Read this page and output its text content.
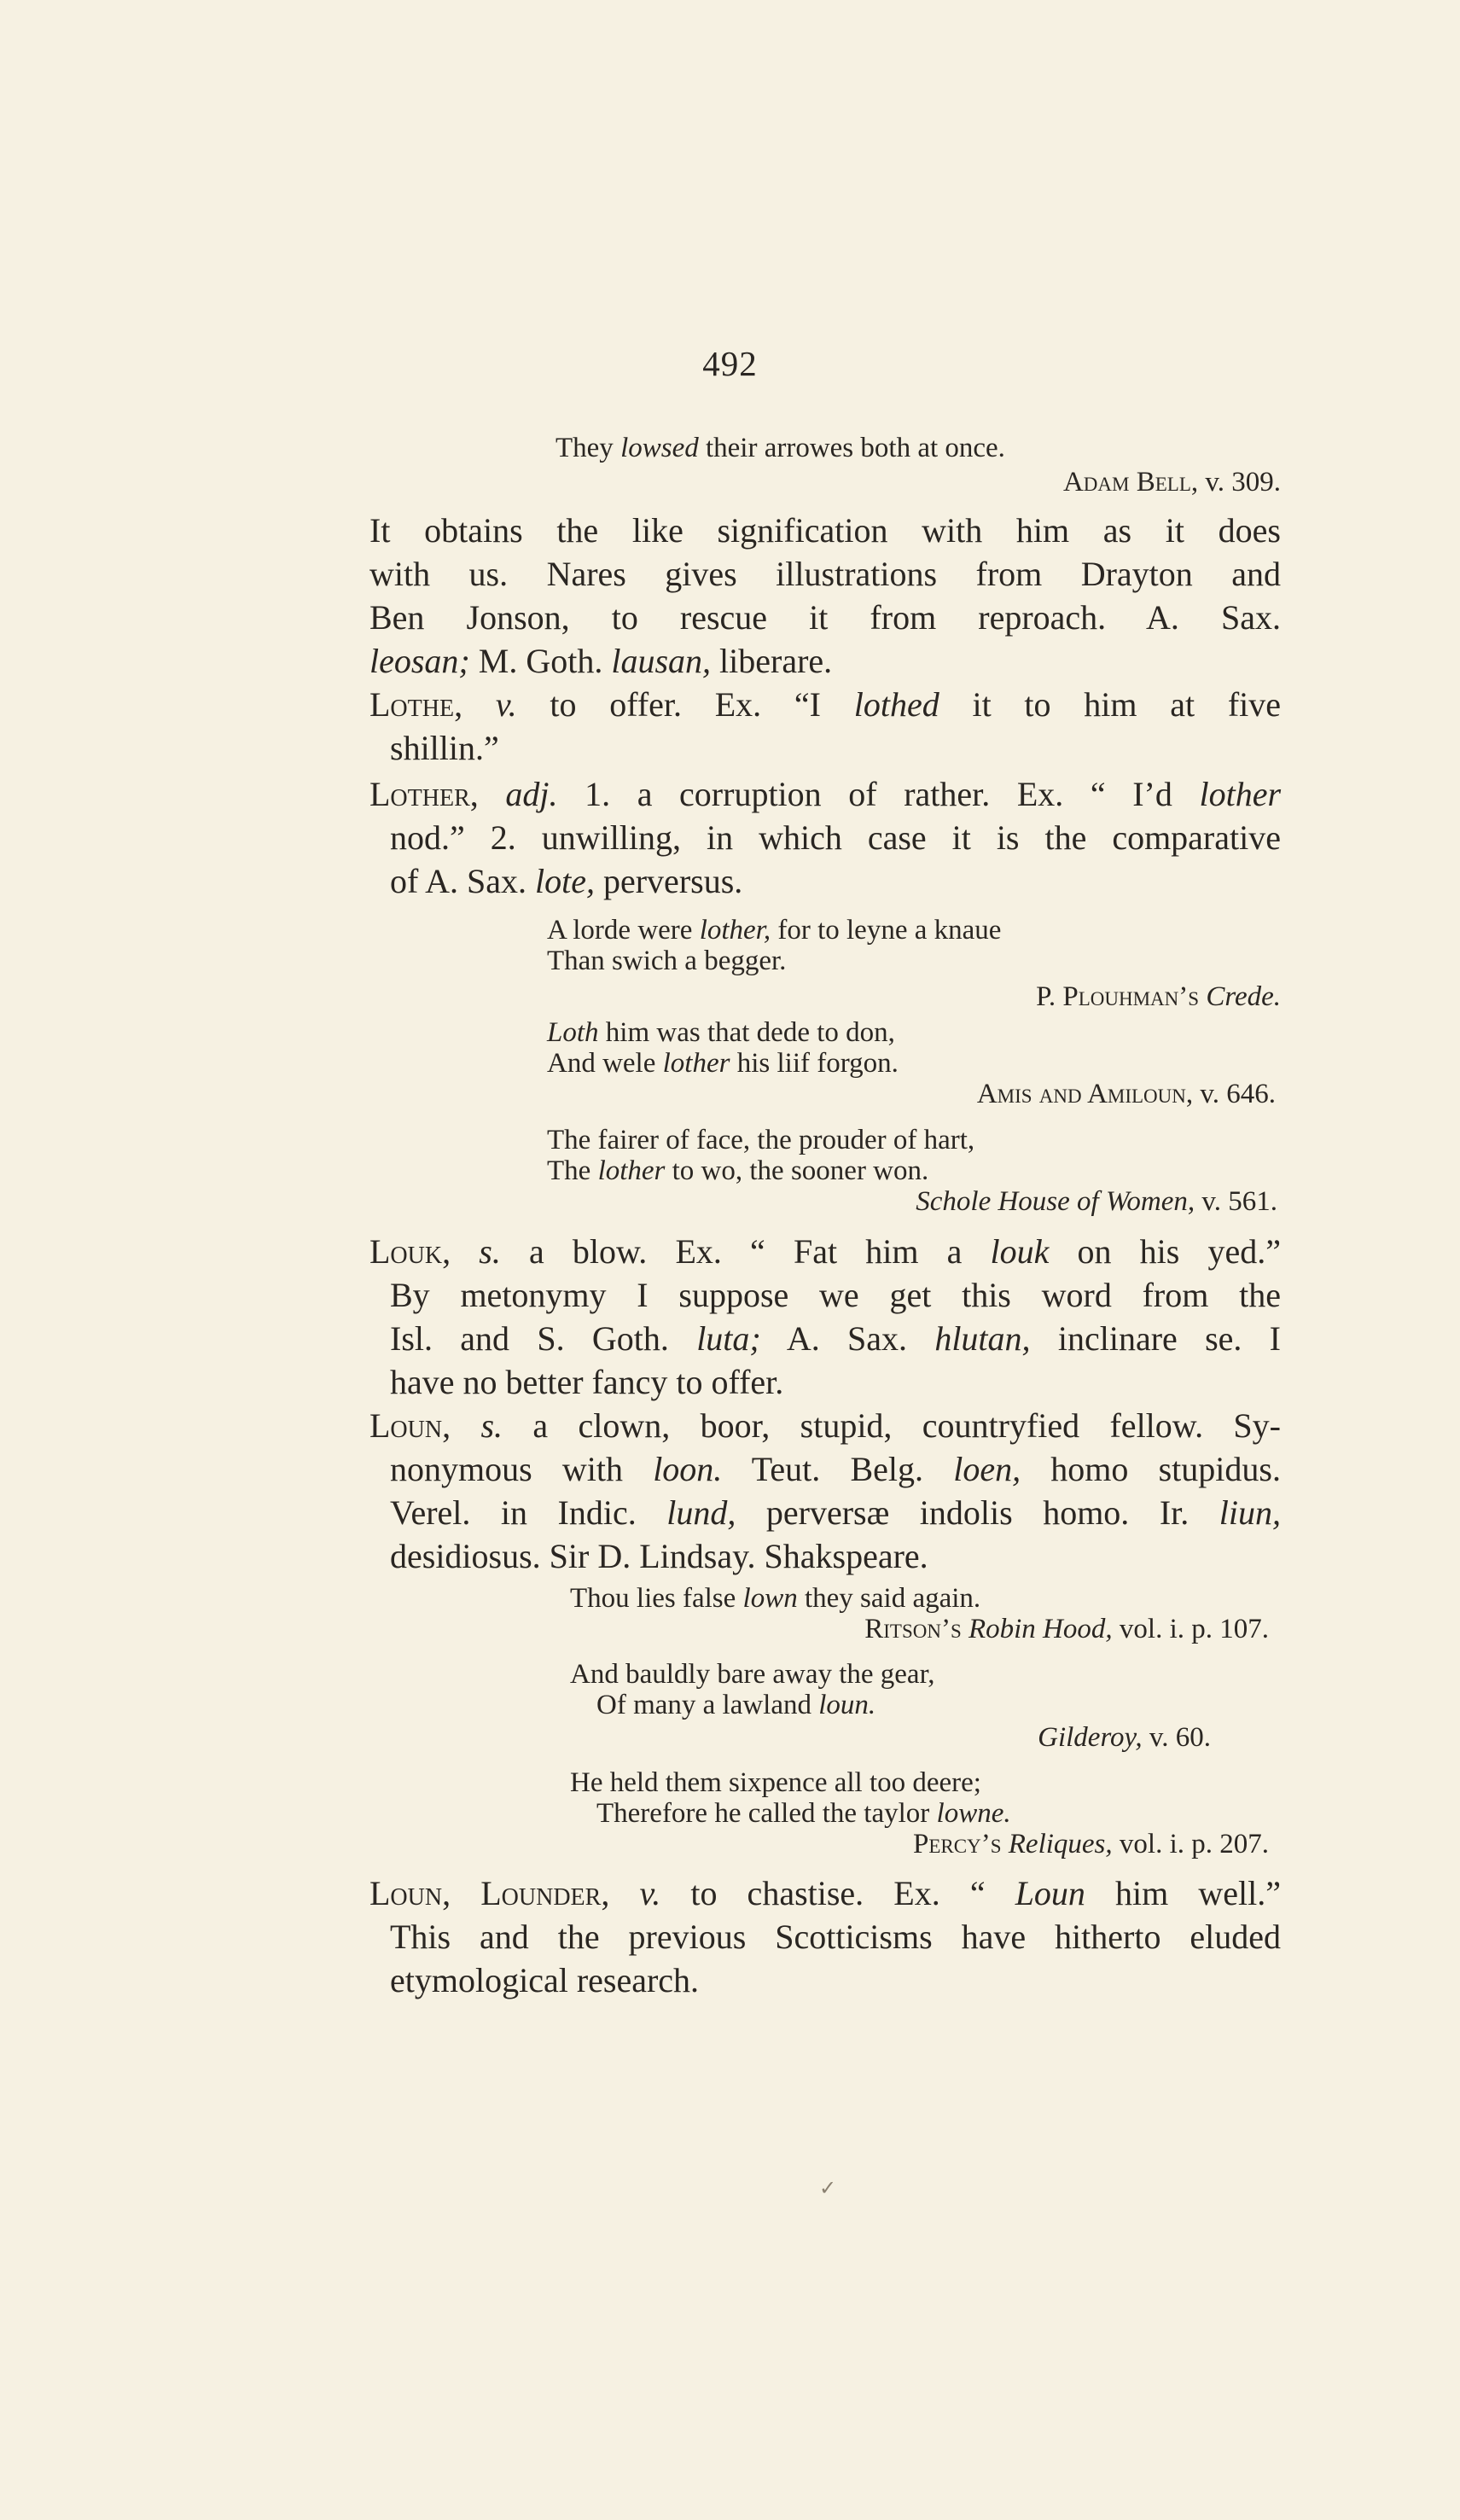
492
They lowsed their arrowes both at once.
Adam Bell, v. 309.
It obtains the like signification with him as it does
with us. Nares gives illustrations from Drayton and
Ben Jonson, to rescue it from reproach. A. Sax.
leosan; M. Goth. lausan, liberare.
Lothe, v. to offer. Ex. “I lothed it to him at five
shillin.”
Lother, adj. 1. a corruption of rather. Ex. “ I’d lother
nod.” 2. unwilling, in which case it is the comparative
of A. Sax. lote, perversus.
A lorde were lother, for to leyne a knaue
Than swich a begger.
P. Plouhman’s Crede.
Loth him was that dede to don,
And wele lother his liif forgon.
Amis and Amiloun, v. 646.
The fairer of face, the prouder of hart,
The lother to wo, the sooner won.
Schole House of Women, v. 561.
Louk, s. a blow. Ex. “ Fat him a louk on his yed.”
By metonymy I suppose we get this word from the
Isl. and S. Goth. luta; A. Sax. hlutan, inclinare se. I
have no better fancy to offer.
Loun, s. a clown, boor, stupid, countryfied fellow. Sy-
nonymous with loon. Teut. Belg. loen, homo stupidus.
Verel. in Indic. lund, perversæ indolis homo. Ir. liun,
desidiosus. Sir D. Lindsay. Shakspeare.
Thou lies false lown they said again.
Ritson’s Robin Hood, vol. i. p. 107.
And bauldly bare away the gear,
Of many a lawland loun.
Gilderoy, v. 60.
He held them sixpence all too deere;
Therefore he called the taylor lowne.
Percy’s Reliques, vol. i. p. 207.
Loun, Lounder, v. to chastise. Ex. “ Loun him well.”
This and the previous Scotticisms have hitherto eluded
etymological research.
✓
